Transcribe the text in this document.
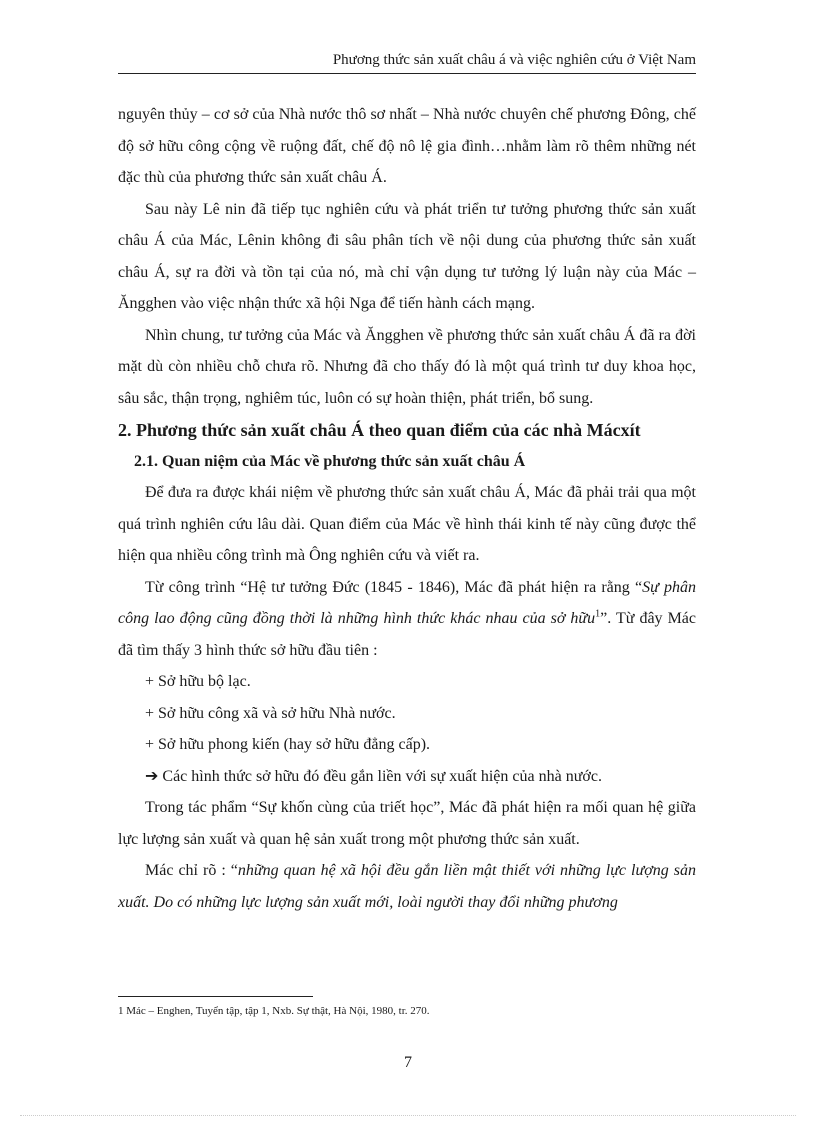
Phương thức sản xuất châu á và việc nghiên cứu ở Việt Nam

nguyên thủy – cơ sở của Nhà nước thô sơ nhất – Nhà nước chuyên chế phương Đông, chế độ sở hữu công cộng về ruộng đất, chế độ nô lệ gia đình…nhằm làm rõ thêm những nét đặc thù của phương thức sản xuất châu Á.

Sau này Lê nin đã tiếp tục nghiên cứu và phát triển tư tưởng phương thức sản xuất châu Á của Mác, Lênin không đi sâu phân tích về nội dung của phương thức sản xuất châu Á, sự ra đời và tồn tại của nó, mà chỉ vận dụng tư tưởng lý luận này của Mác – Ăngghen vào việc nhận thức xã hội Nga để tiến hành cách mạng.

Nhìn chung, tư tưởng của Mác và Ăngghen về phương thức sản xuất châu Á đã ra đời mặt dù còn nhiều chỗ chưa rõ. Nhưng đã cho thấy đó là một quá trình tư duy khoa học, sâu sắc, thận trọng, nghiêm túc, luôn có sự hoàn thiện, phát triển, bổ sung.

2. Phương thức sản xuất châu Á theo quan điểm của các nhà Mácxít

2.1. Quan niệm của Mác về phương thức sản xuất châu Á

Để đưa ra được khái niệm về phương thức sản xuất châu Á, Mác đã phải trải qua một quá trình nghiên cứu lâu dài. Quan điểm của Mác về hình thái kinh tế này cũng được thể hiện qua nhiều công trình mà Ông nghiên cứu và viết ra.

Từ công trình “Hệ tư tưởng Đức (1845 - 1846), Mác đã phát hiện ra rằng “Sự phân công lao động cũng đồng thời là những hình thức khác nhau của sở hữu$^1$”. Từ đây Mác đã tìm thấy 3 hình thức sở hữu đầu tiên :

+ Sở hữu bộ lạc.

+ Sở hữu công xã và sở hữu Nhà nước.

+ Sở hữu phong kiến (hay sở hữu đẳng cấp).

➔ Các hình thức sở hữu đó đều gắn liền với sự xuất hiện của nhà nước.

Trong tác phẩm “Sự khốn cùng của triết học”, Mác đã phát hiện ra mối quan hệ giữa lực lượng sản xuất và quan hệ sản xuất trong một phương thức sản xuất.

Mác chỉ rõ : “những quan hệ xã hội đều gắn liền mật thiết với những lực lượng sản xuất. Do có những lực lượng sản xuất mới, loài người thay đổi những phương

1 Mác – Enghen, Tuyển tập, tập 1, Nxb. Sự thật, Hà Nội, 1980, tr. 270.
7
